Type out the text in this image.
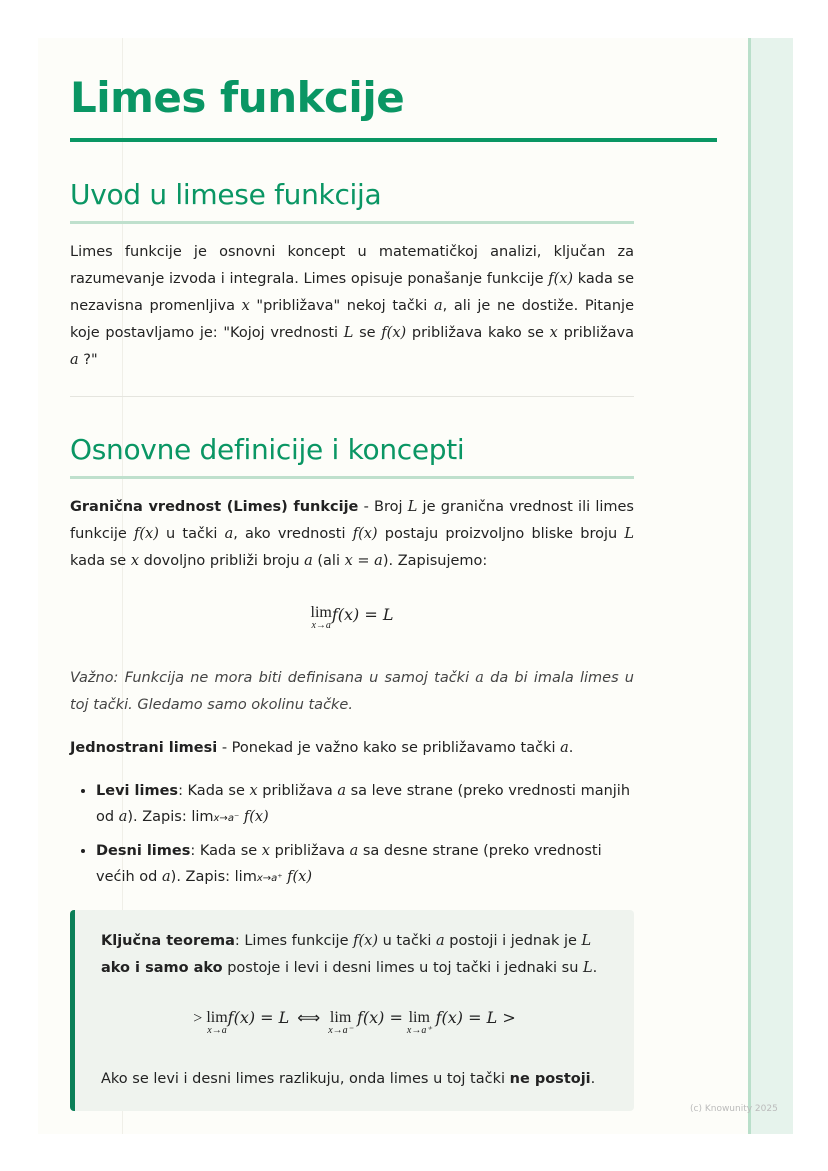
Limes funkcije
Uvod u limese funkcija

Limes funkcije je osnovni koncept u matematičkoj analizi, ključan za razumevanje izvoda i integrala. Limes opisuje ponašanje funkcije f(x) kada se nezavisna promenljiva x "približava" nekoj tački a, ali je ne dostiže. Pitanje koje postavljamo je: "Kojoj vrednosti L se f(x) približava kako se x približava a ?"

Osnovne definicije i koncepti

Granična vrednost (Limes) funkcije - Broj L je granična vrednost ili limes funkcije f(x) u tački a, ako vrednosti f(x) postaju proizvoljno bliske broju L kada se x dovoljno približi broju a (ali x = a). Zapisujemo:

lim
x→a
f(x) = L

Važno: Funkcija ne mora biti definisana u samoj tački a da bi imala limes u toj tački. Gledamo samo okolinu tačke.

Jednostrani limesi - Ponekad je važno kako se približavamo tački a.

• Levi limes: Kada se x približava a sa leve strane (preko vrednosti manjih od a). Zapis: limx→a⁻ f(x)
• Desni limes: Kada se x približava a sa desne strane (preko vrednosti većih od a). Zapis: limx→a⁺ f(x)

Ključna teorema: Limes funkcije f(x) u tački a postoji i jednak je L ako i samo ako postoje i levi i desni limes u toj tački i jednaki su L.

> lim
x→a
f(x) = L ⟺ lim
x→a⁻
f(x) = lim
x→a⁺
f(x) = L >

Ako se levi i desni limes razlikuju, onda limes u toj tački ne postoji.

(c) Knowunity 2025
